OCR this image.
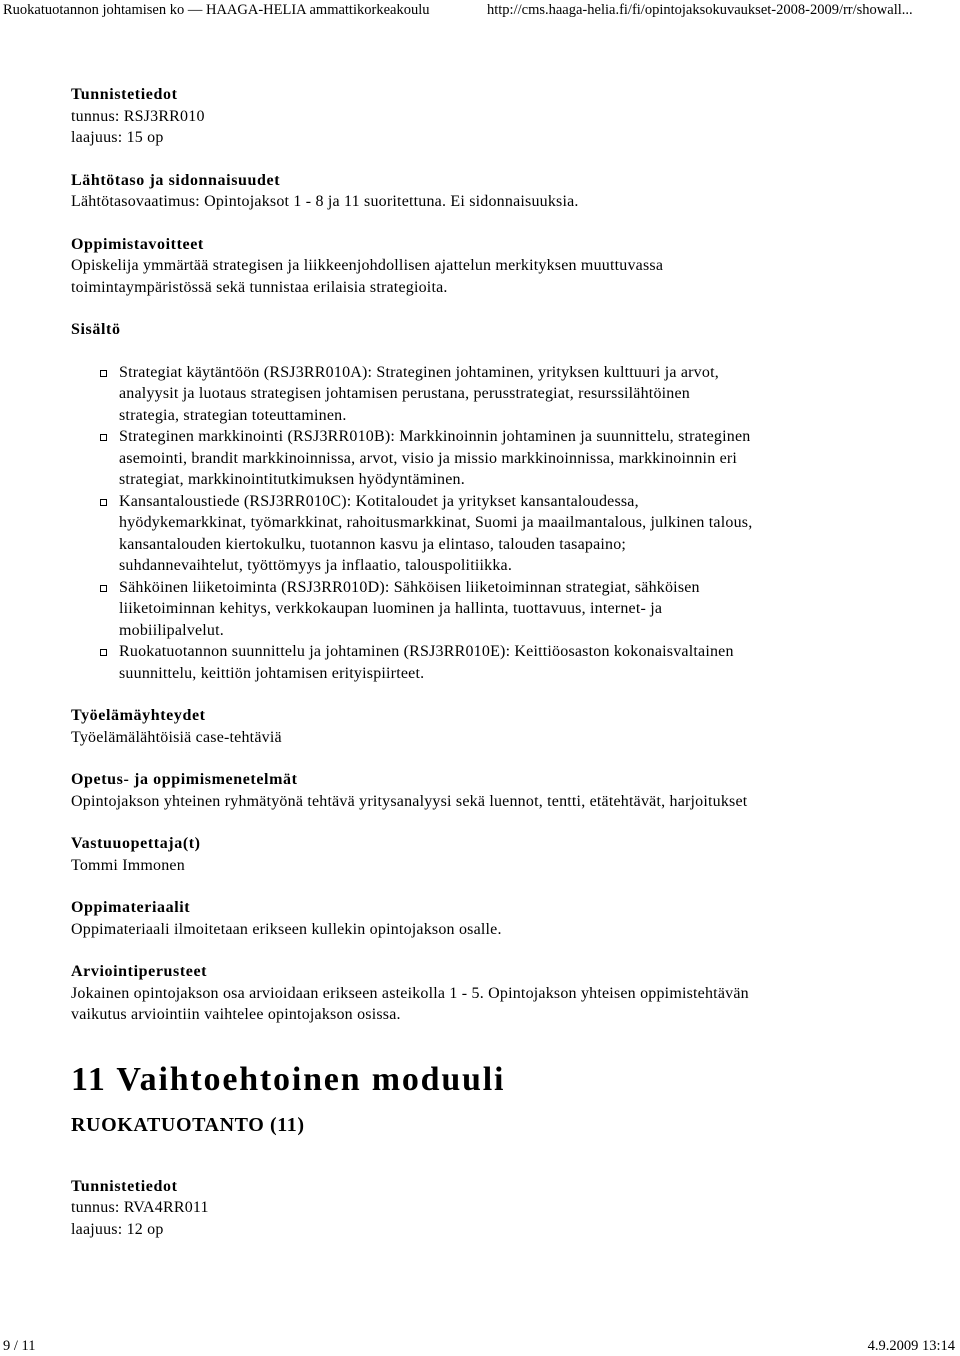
Ruokatuotannon johtamisen ko — HAAGA-HELIA ammattikorkeakoulu	http://cms.haaga-helia.fi/fi/opintojaksokuvaukset-2008-2009/rr/showall...
Tunnistetiedot
tunnus: RSJ3RR010
laajuus: 15 op
Lähtötaso ja sidonnaisuudet
Lähtötasovaatimus: Opintojaksot 1 - 8 ja 11 suoritettuna. Ei sidonnaisuuksia.
Oppimistavoitteet
Opiskelija ymmärtää strategisen ja liikkeenjohdollisen ajattelun merkityksen muuttuvassa
toimintaympäristössä sekä tunnistaa erilaisia strategioita.
Sisältö
Strategiat käytäntöön (RSJ3RR010A): Strateginen johtaminen, yrityksen kulttuuri ja arvot,
analyysit ja luotaus strategisen johtamisen perustana, perusstrategiat, resurssilähtöinen
strategia, strategian toteuttaminen.
Strateginen markkinointi (RSJ3RR010B): Markkinoinnin johtaminen ja suunnittelu, strateginen
asemointi, brandit markkinoinnissa, arvot, visio ja missio markkinoinnissa, markkinoinnin eri
strategiat, markkinointitutkimuksen hyödyntäminen.
Kansantaloustiede (RSJ3RR010C): Kotitaloudet ja yritykset kansantaloudessa,
hyödykemarkkinat, työmarkkinat, rahoitusmarkkinat, Suomi ja maailmantalous, julkinen talous,
kansantalouden kiertokulku, tuotannon kasvu ja elintaso, talouden tasapaino;
suhdannevaihtelut, työttömyys ja inflaatio, talouspolitiikka.
Sähköinen liiketoiminta (RSJ3RR010D): Sähköisen liiketoiminnan strategiat, sähköisen
liiketoiminnan kehitys, verkkokaupan luominen ja hallinta, tuottavuus, internet- ja
mobiilipalvelut.
Ruokatuotannon suunnittelu ja johtaminen (RSJ3RR010E): Keittiöosaston kokonaisvaltainen
suunnittelu, keittiön johtamisen erityispiirteet.
Työelämäyhteydet
Työelämälähtöisiä case-tehtäviä
Opetus- ja oppimismenetelmät
Opintojakson yhteinen ryhmätyönä tehtävä yritysanalyysi sekä luennot, tentti, etätehtävät, harjoitukset
Vastuuopettaja(t)
Tommi Immonen
Oppimateriaalit
Oppimateriaali ilmoitetaan erikseen kullekin opintojakson osalle.
Arviointiperusteet
Jokainen opintojakson osa arvioidaan erikseen asteikolla 1 - 5. Opintojakson yhteisen oppimistehtävän
vaikutus arviointiin vaihtelee opintojakson osissa.
11 Vaihtoehtoinen moduuli
RUOKATUOTANTO (11)
Tunnistetiedot
tunnus: RVA4RR011
laajuus: 12 op
9 / 11	4.9.2009 13:14
